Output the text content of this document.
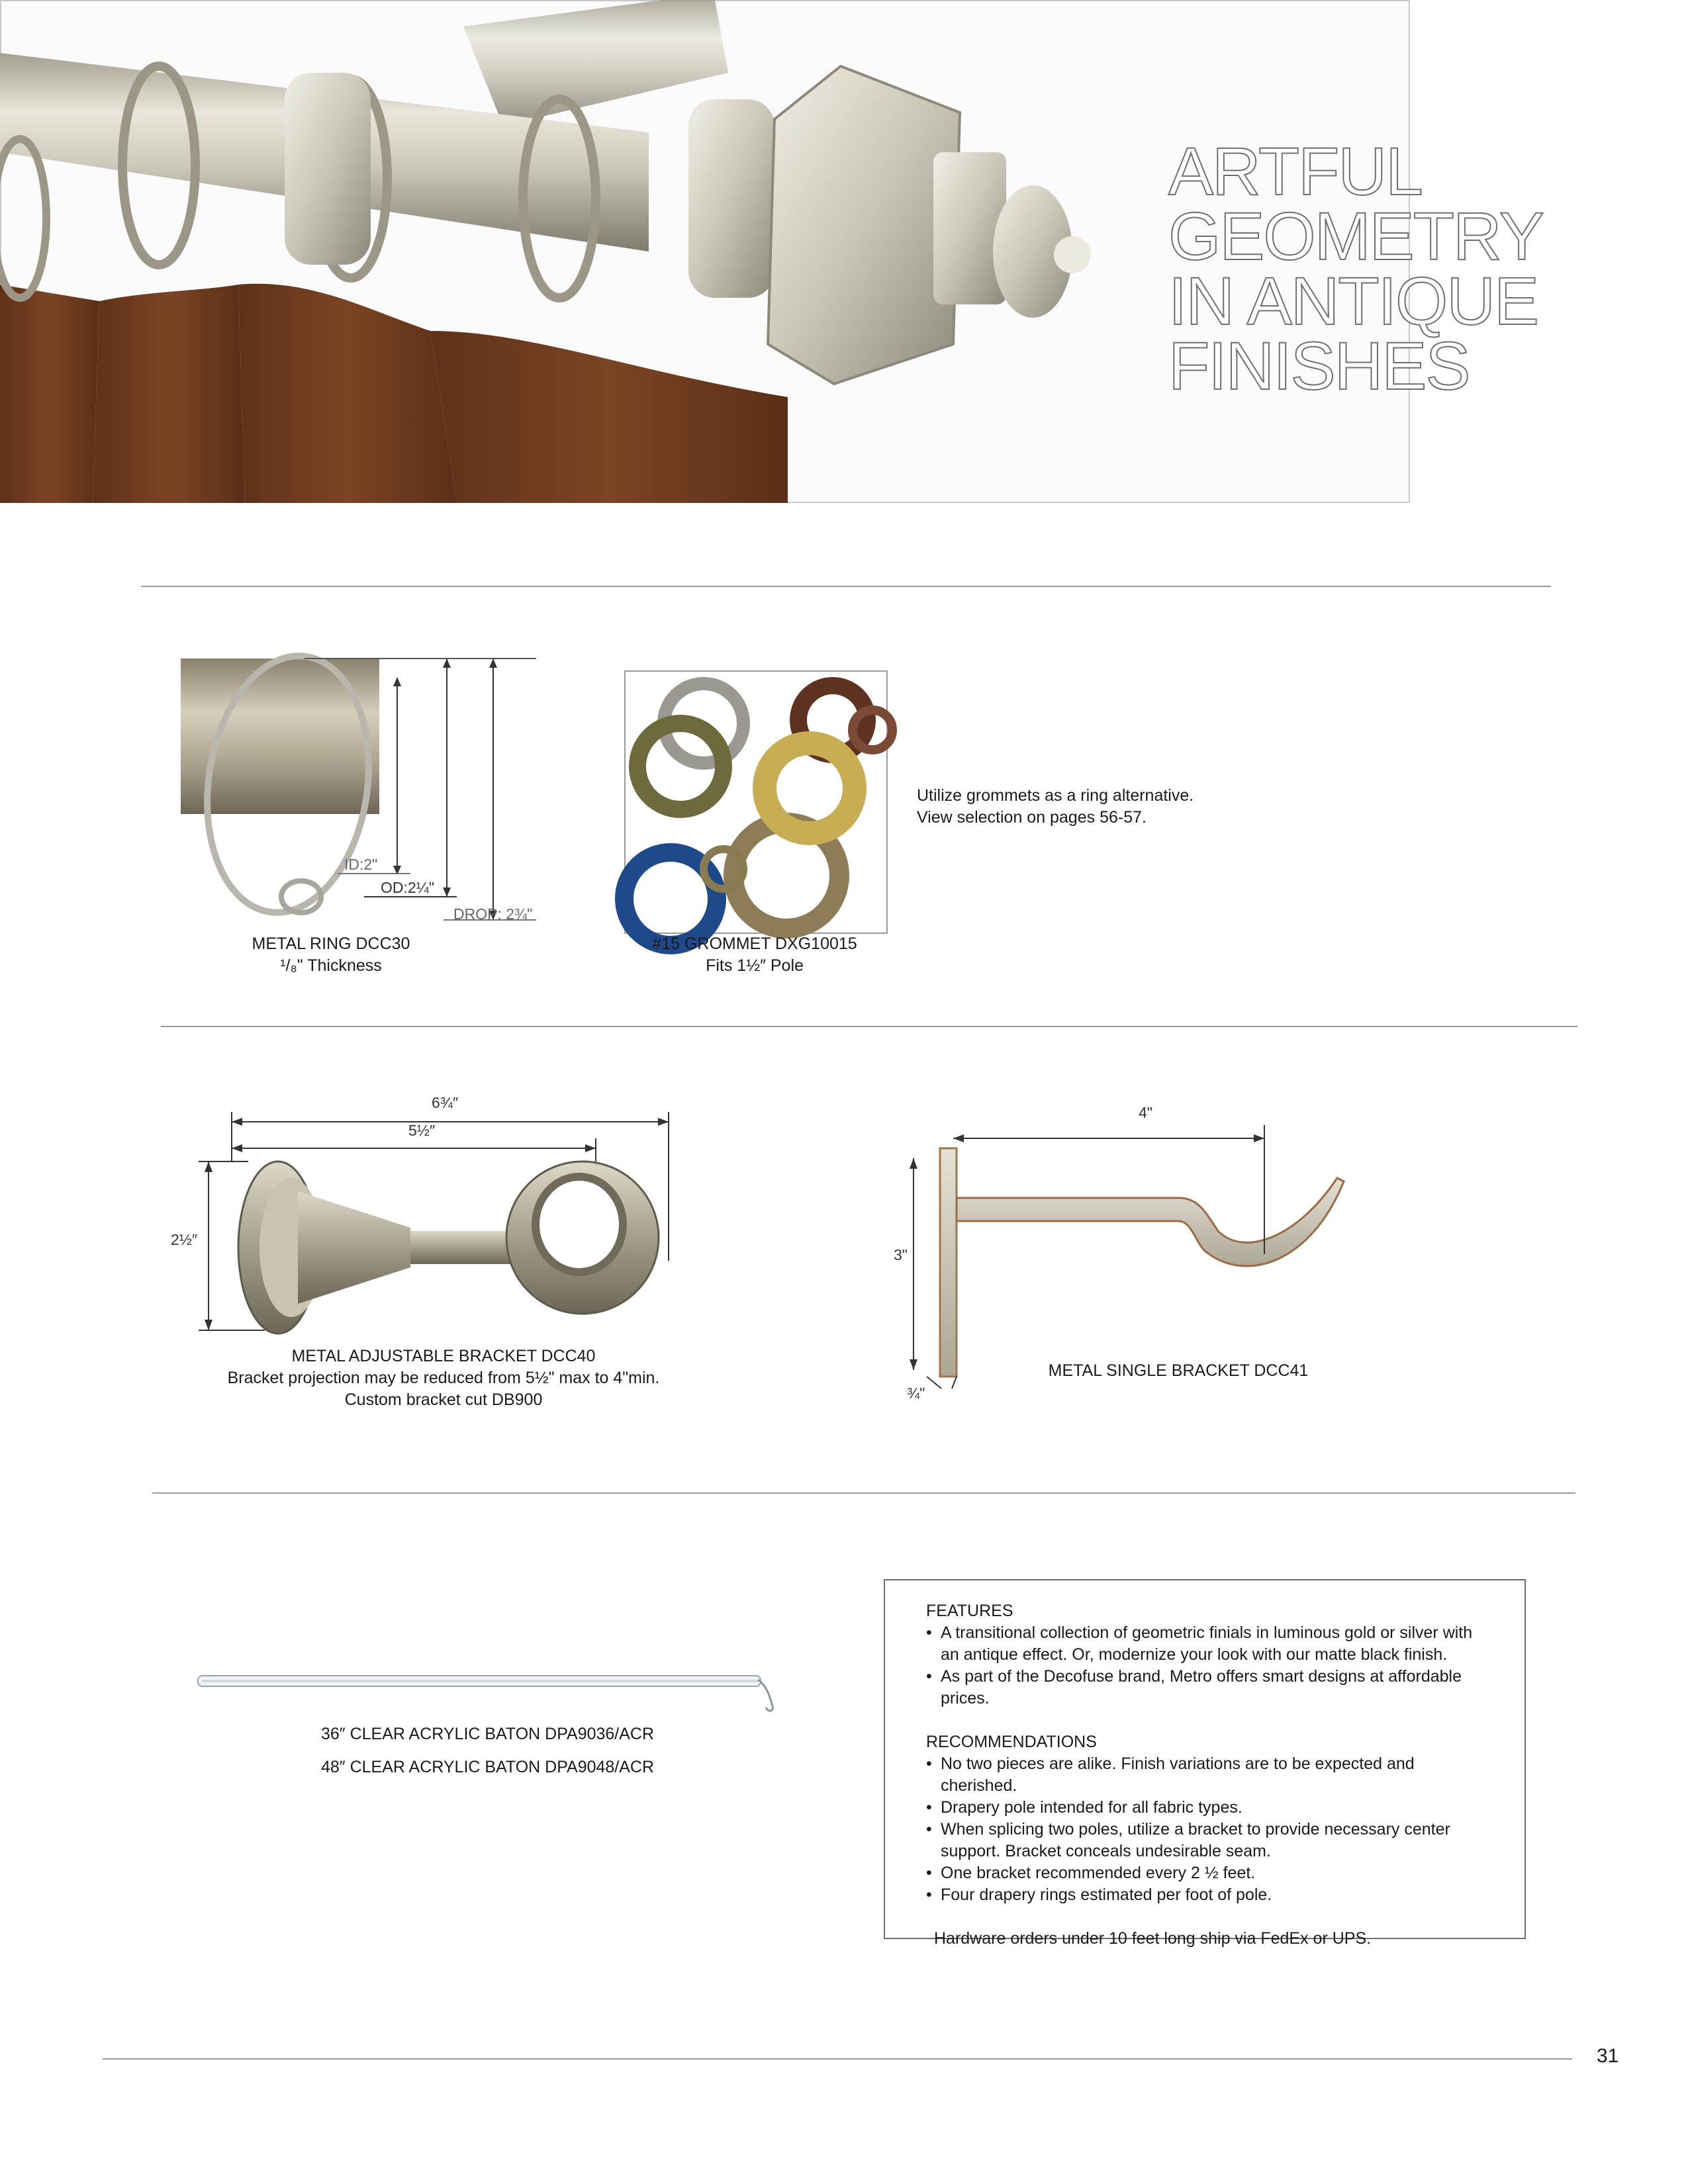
ARTFUL
GEOMETRY
IN ANTIQUE
FINISHES
ID:2"
OD:2¼"
DROP: 2¾"
METAL RING DCC30
¹/₈" Thickness
#15 GROMMET DXG10015
Fits 1½″ Pole
Utilize grommets as a ring alternative.
View selection on pages 56-57.
6¾″
5½″
2½″
METAL ADJUSTABLE BRACKET DCC40
Bracket projection may be reduced from 5½" max to 4"min.
Custom bracket cut DB900
4"
3"
¾"
METAL SINGLE BRACKET DCC41
36″ CLEAR ACRYLIC BATON DPA9036/ACR
48″ CLEAR ACRYLIC BATON DPA9048/ACR
FEATURES
• A transitional collection of geometric finials in luminous gold or silver with an antique effect. Or, modernize your look with our matte black finish.
• As part of the Decofuse brand, Metro offers smart designs at affordable prices.
RECOMMENDATIONS
• No two pieces are alike. Finish variations are to be expected and cherished.
• Drapery pole intended for all fabric types.
• When splicing two poles, utilize a bracket to provide necessary center support. Bracket conceals undesirable seam.
• One bracket recommended every 2 ½ feet.
• Four drapery rings estimated per foot of pole.
Hardware orders under 10 feet long ship via FedEx or UPS.
31
